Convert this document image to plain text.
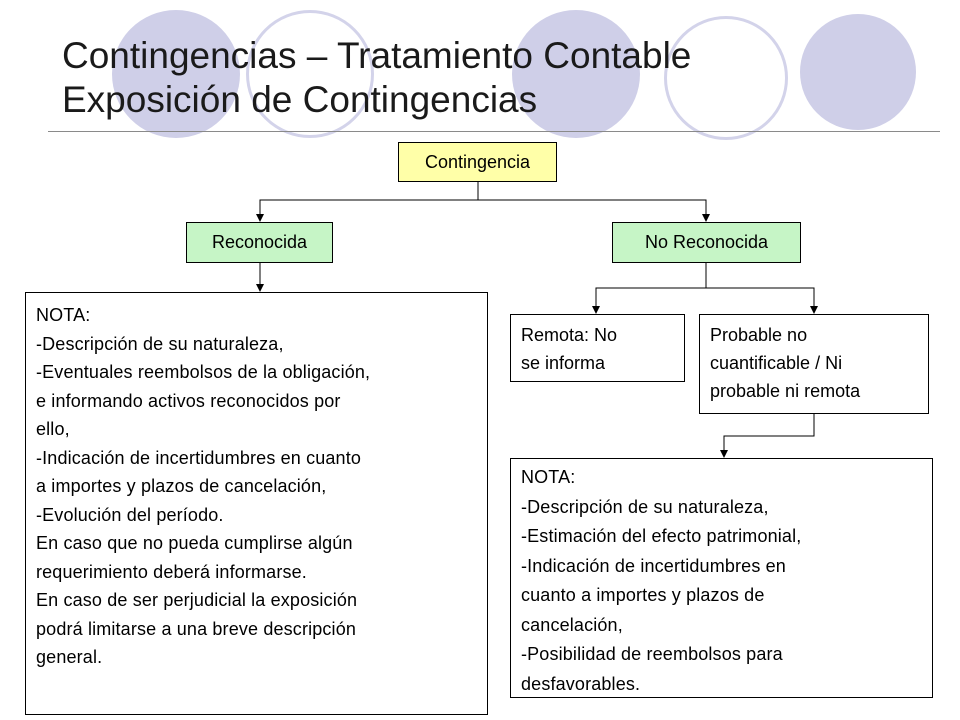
Contingencias – Tratamiento Contable
Exposición de Contingencias
Contingencia
Reconocida	No Reconocida
NOTA:
-Descripción de su naturaleza,
-Eventuales reembolsos de la obligación,
e informando activos reconocidos por
ello,
-Indicación de incertidumbres en cuanto
a importes y plazos de cancelación,
-Evolución del período.
En caso que no pueda cumplirse algún
requerimiento deberá informarse.
En caso de ser perjudicial la exposición
podrá limitarse a una breve descripción
general.
Remota: No
se informa
Probable no
cuantificable / Ni
probable ni remota
NOTA:
-Descripción de su naturaleza,
-Estimación del efecto patrimonial,
-Indicación de incertidumbres en
cuanto a importes y plazos de
cancelación,
-Posibilidad de reembolsos para
desfavorables.
